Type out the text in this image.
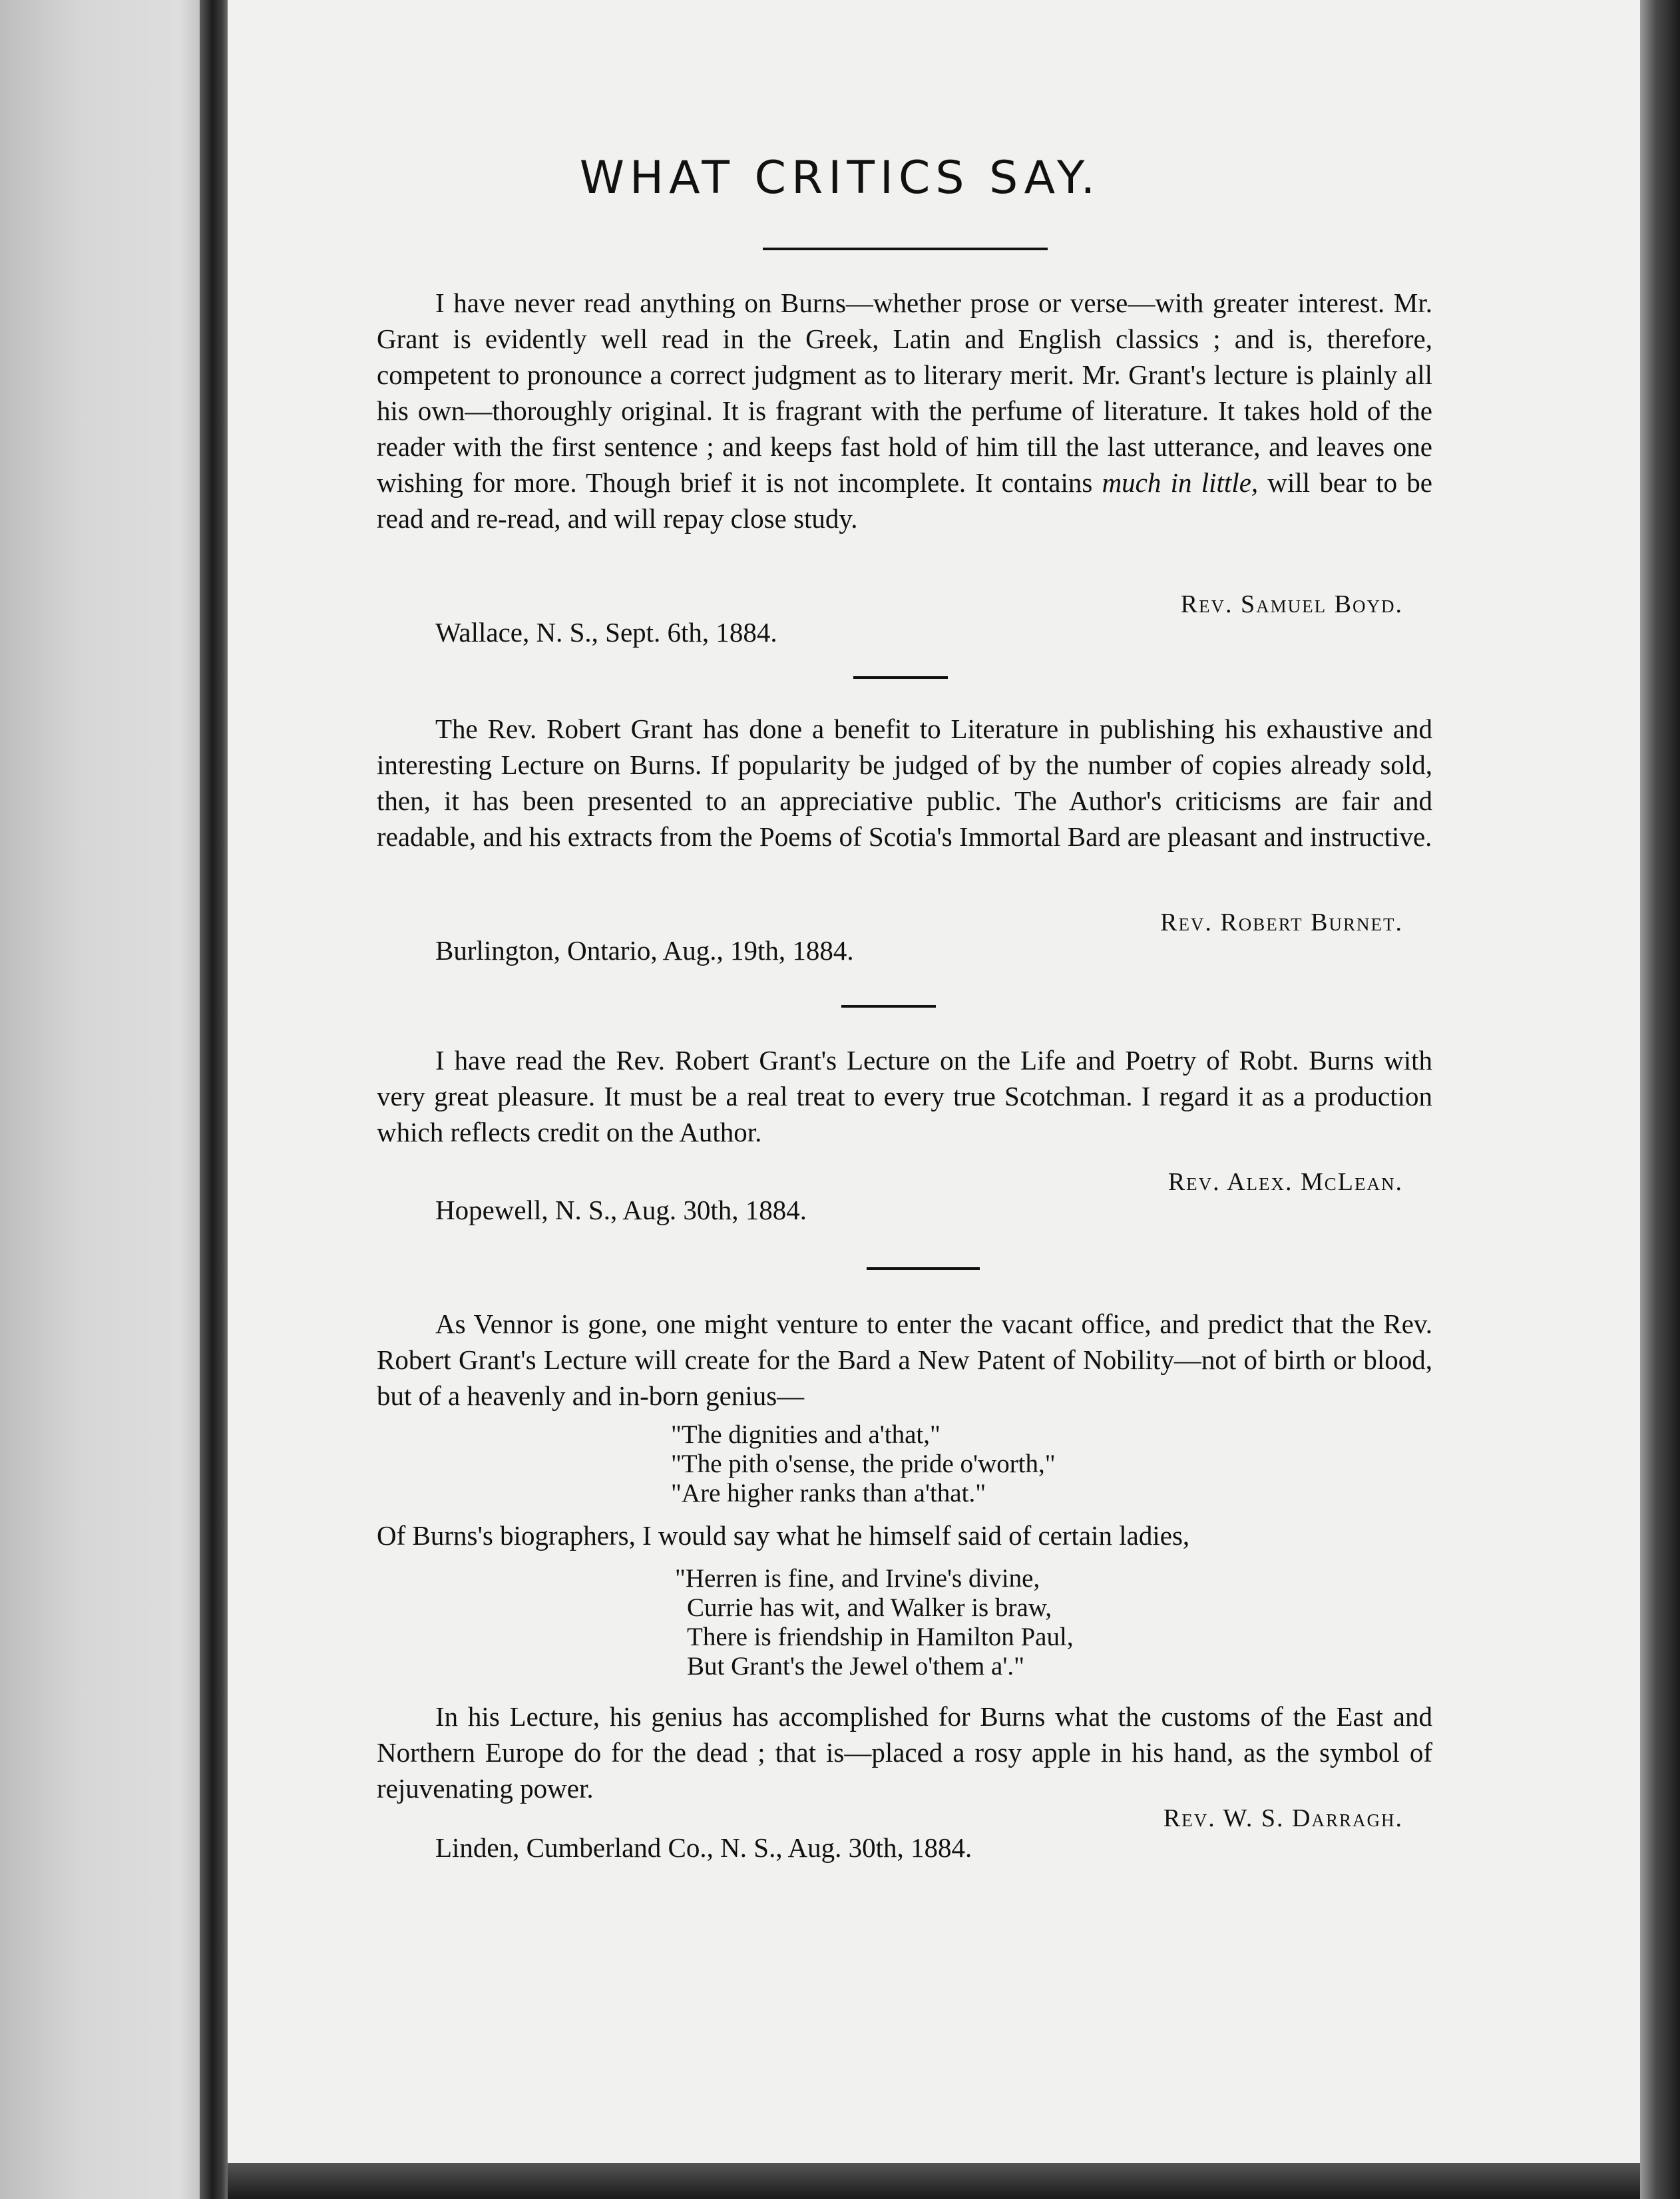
WHAT CRITICS SAY.

I have never read anything on Burns—whether prose or verse—with greater interest. Mr. Grant is evidently well read in the Greek, Latin and English classics ; and is, therefore, competent to pronounce a correct judgment as to literary merit. Mr. Grant's lecture is plainly all his own—thoroughly original. It is fragrant with the perfume of literature. It takes hold of the reader with the first sentence ; and keeps fast hold of him till the last utterance, and leaves one wishing for more. Though brief it is not incomplete. It contains much in little, will bear to be read and re-read, and will repay close study.

Rev. Samuel Boyd.
Wallace, N. S., Sept. 6th, 1884.

The Rev. Robert Grant has done a benefit to Literature in publishing his exhaustive and interesting Lecture on Burns. If popularity be judged of by the number of copies already sold, then, it has been presented to an appreciative public. The Author's criticisms are fair and readable, and his extracts from the Poems of Scotia's Immortal Bard are pleasant and instructive.

Rev. Robert Burnet.
Burlington, Ontario, Aug., 19th, 1884.

I have read the Rev. Robert Grant's Lecture on the Life and Poetry of Robt. Burns with very great pleasure. It must be a real treat to every true Scotchman. I regard it as a production which reflects credit on the Author.

Rev. Alex. McLean.
Hopewell, N. S., Aug. 30th, 1884.

As Vennor is gone, one might venture to enter the vacant office, and predict that the Rev. Robert Grant's Lecture will create for the Bard a New Patent of Nobility—not of birth or blood, but of a heavenly and in-born genius—

"The dignities and a'that,"
"The pith o'sense, the pride o'worth,"
"Are higher ranks than a'that."

Of Burns's biographers, I would say what he himself said of certain ladies,

"Herren is fine, and Irvine's divine,
Currie has wit, and Walker is braw,
There is friendship in Hamilton Paul,
But Grant's the Jewel o'them a'."

In his Lecture, his genius has accomplished for Burns what the customs of the East and Northern Europe do for the dead ; that is—placed a rosy apple in his hand, as the symbol of rejuvenating power.

Rev. W. S. Darragh.
Linden, Cumberland Co., N. S., Aug. 30th, 1884.
